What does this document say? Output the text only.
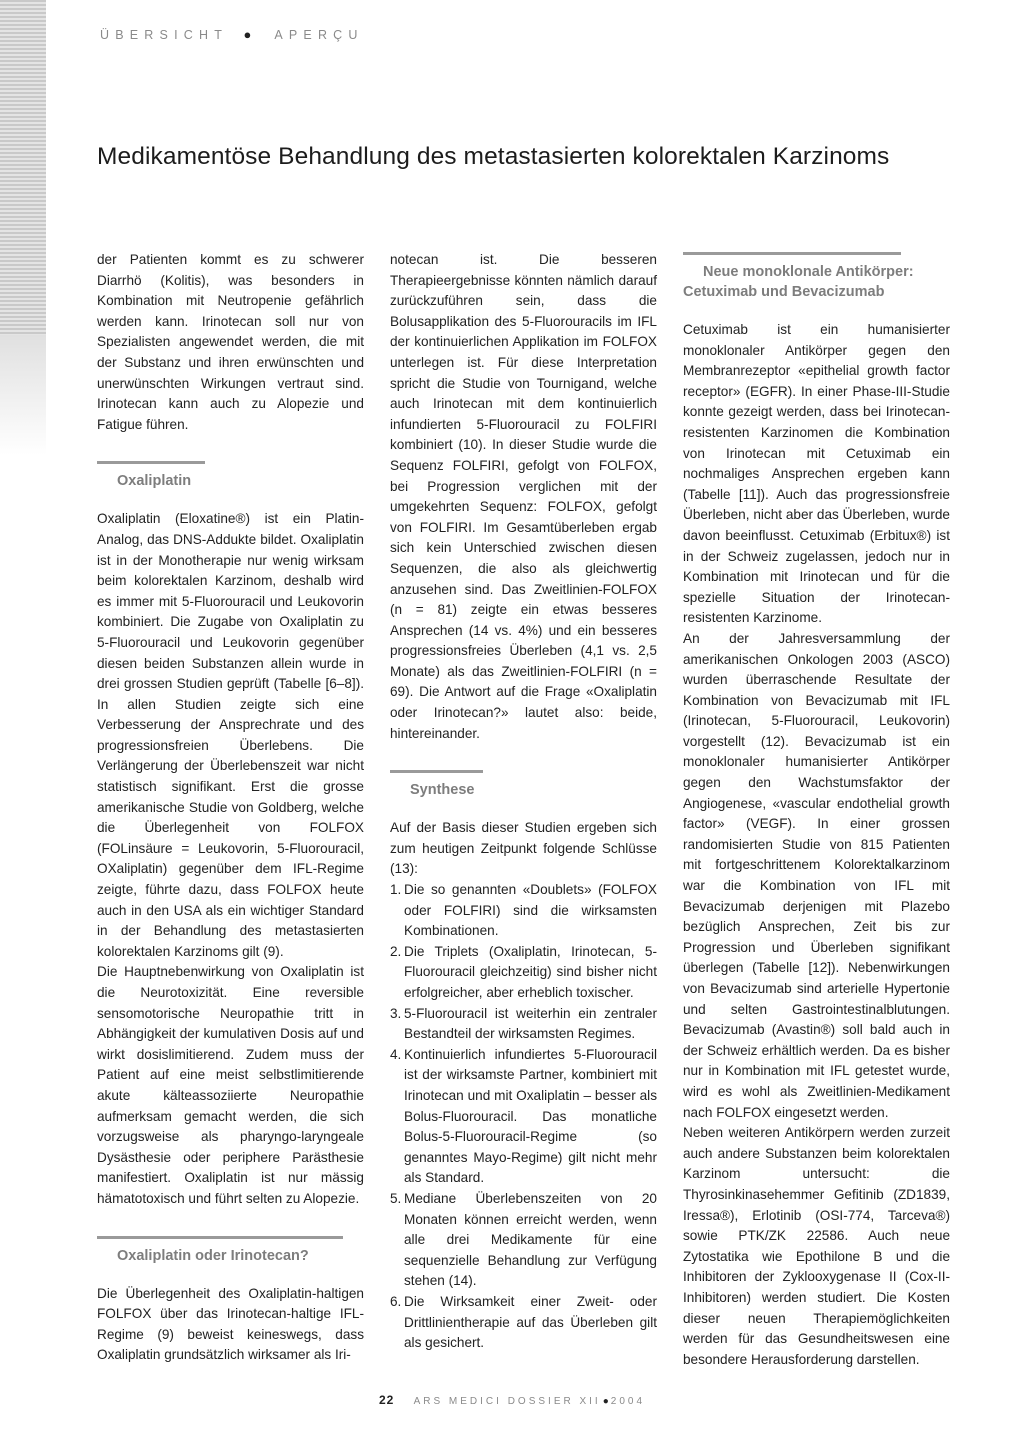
ÜBERSICHT ● APERÇU
Medikamentöse Behandlung des metastasierten kolorektalen Karzinoms

der Patienten kommt es zu schwerer Diarrhö (Kolitis), was besonders in Kombination mit Neutropenie gefährlich werden kann. Irinotecan soll nur von Spezialisten angewendet werden, die mit der Substanz und ihren erwünschten und unerwünschten Wirkungen vertraut sind. Irinotecan kann auch zu Alopezie und Fatigue führen.

Oxaliplatin

Oxaliplatin (Eloxatine®) ist ein Platin-Analog, das DNS-Addukte bildet. Oxaliplatin ist in der Monotherapie nur wenig wirksam beim kolorektalen Karzinom, deshalb wird es immer mit 5-Fluorouracil und Leukovorin kombiniert. Die Zugabe von Oxaliplatin zu 5-Fluorouracil und Leukovorin gegenüber diesen beiden Substanzen allein wurde in drei grossen Studien geprüft (Tabelle [6–8]). In allen Studien zeigte sich eine Verbesserung der Ansprechrate und des progressionsfreien Überlebens. Die Verlängerung der Überlebenszeit war nicht statistisch signifikant. Erst die grosse amerikanische Studie von Goldberg, welche die Überlegenheit von FOLFOX (FOLinsäure = Leukovorin, 5-Fluorouracil, OXaliplatin) gegenüber dem IFL-Regime zeigte, führte dazu, dass FOLFOX heute auch in den USA als ein wichtiger Standard in der Behandlung des metastasierten kolorektalen Karzinoms gilt (9).

Die Hauptnebenwirkung von Oxaliplatin ist die Neurotoxizität. Eine reversible sensomotorische Neuropathie tritt in Abhängigkeit der kumulativen Dosis auf und wirkt dosislimitierend. Zudem muss der Patient auf eine meist selbstlimitierende akute kälteassoziierte Neuropathie aufmerksam gemacht werden, die sich vorzugsweise als pharyngo-laryngeale Dysästhesie oder periphere Parästhesie manifestiert. Oxaliplatin ist nur mässig hämatotoxisch und führt selten zu Alopezie.

Oxaliplatin oder Irinotecan?

Die Überlegenheit des Oxaliplatin-haltigen FOLFOX über das Irinotecan-haltige IFL-Regime (9) beweist keineswegs, dass Oxaliplatin grundsätzlich wirksamer als Iri-

notecan ist. Die besseren Therapieergebnisse könnten nämlich darauf zurückzuführen sein, dass die Bolusapplikation des 5-Fluorouracils im IFL der kontinuierlichen Applikation im FOLFOX unterlegen ist. Für diese Interpretation spricht die Studie von Tournigand, welche auch Irinotecan mit dem kontinuierlich infundierten 5-Fluorouracil zu FOLFIRI kombiniert (10). In dieser Studie wurde die Sequenz FOLFIRI, gefolgt von FOLFOX, bei Progression verglichen mit der umgekehrten Sequenz: FOLFOX, gefolgt von FOLFIRI. Im Gesamtüberleben ergab sich kein Unterschied zwischen diesen Sequenzen, die also als gleichwertig anzusehen sind. Das Zweitlinien-FOLFOX (n = 81) zeigte ein etwas besseres Ansprechen (14 vs. 4%) und ein besseres progressionsfreies Überleben (4,1 vs. 2,5 Monate) als das Zweitlinien-FOLFIRI (n = 69). Die Antwort auf die Frage «Oxaliplatin oder Irinotecan?» lautet also: beide, hintereinander.

Synthese

Auf der Basis dieser Studien ergeben sich zum heutigen Zeitpunkt folgende Schlüsse (13):

1. Die so genannten «Doublets» (FOLFOX oder FOLFIRI) sind die wirksamsten Kombinationen.
2. Die Triplets (Oxaliplatin, Irinotecan, 5-Fluorouracil gleichzeitig) sind bisher nicht erfolgreicher, aber erheblich toxischer.
3. 5-Fluorouracil ist weiterhin ein zentraler Bestandteil der wirksamsten Regimes.
4. Kontinuierlich infundiertes 5-Fluorouracil ist der wirksamste Partner, kombiniert mit Irinotecan und mit Oxaliplatin – besser als Bolus-Fluorouracil. Das monatliche Bolus-5-Fluorouracil-Regime (so genanntes Mayo-Regime) gilt nicht mehr als Standard.
5. Mediane Überlebenszeiten von 20 Monaten können erreicht werden, wenn alle drei Medikamente für eine sequenzielle Behandlung zur Verfügung stehen (14).
6. Die Wirksamkeit einer Zweit- oder Drittlinientherapie auf das Überleben gilt als gesichert.
Neue monoklonale Antikörper: Cetuximab und Bevacizumab

Cetuximab ist ein humanisierter monoklonaler Antikörper gegen den Membranrezeptor «epithelial growth factor receptor» (EGFR). In einer Phase-III-Studie konnte gezeigt werden, dass bei Irinotecan-resistenten Karzinomen die Kombination von Irinotecan mit Cetuximab ein nochmaliges Ansprechen ergeben kann (Tabelle [11]). Auch das progressionsfreie Überleben, nicht aber das Überleben, wurde davon beeinflusst. Cetuximab (Erbitux®) ist in der Schweiz zugelassen, jedoch nur in Kombination mit Irinotecan und für die spezielle Situation der Irinotecan-resistenten Karzinome.

An der Jahresversammlung der amerikanischen Onkologen 2003 (ASCO) wurden überraschende Resultate der Kombination von Bevacizumab mit IFL (Irinotecan, 5-Fluorouracil, Leukovorin) vorgestellt (12). Bevacizumab ist ein monoklonaler humanisierter Antikörper gegen den Wachstumsfaktor der Angiogenese, «vascular endothelial growth factor» (VEGF). In einer grossen randomisierten Studie von 815 Patienten mit fortgeschrittenem Kolorektalkarzinom war die Kombination von IFL mit Bevacizumab derjenigen mit Plazebo bezüglich Ansprechen, Zeit bis zur Progression und Überleben signifikant überlegen (Tabelle [12]). Nebenwirkungen von Bevacizumab sind arterielle Hypertonie und selten Gastrointestinalblutungen. Bevacizumab (Avastin®) soll bald auch in der Schweiz erhältlich werden. Da es bisher nur in Kombination mit IFL getestet wurde, wird es wohl als Zweitlinien-Medikament nach FOLFOX eingesetzt werden.

Neben weiteren Antikörpern werden zurzeit auch andere Substanzen beim kolorektalen Karzinom untersucht: die Thyrosinkinasehemmer Gefitinib (ZD1839, Iressa®), Erlotinib (OSI-774, Tarceva®) sowie PTK/ZK 22586. Auch neue Zytostatika wie Epothilone B und die Inhibitoren der Zyklooxygenase II (Cox-II-Inhibitoren) werden studiert. Die Kosten dieser neuen Therapiemöglichkeiten werden für das Gesundheitswesen eine besondere Herausforderung darstellen.

22 ARS MEDICI DOSSIER XII ● 2004
